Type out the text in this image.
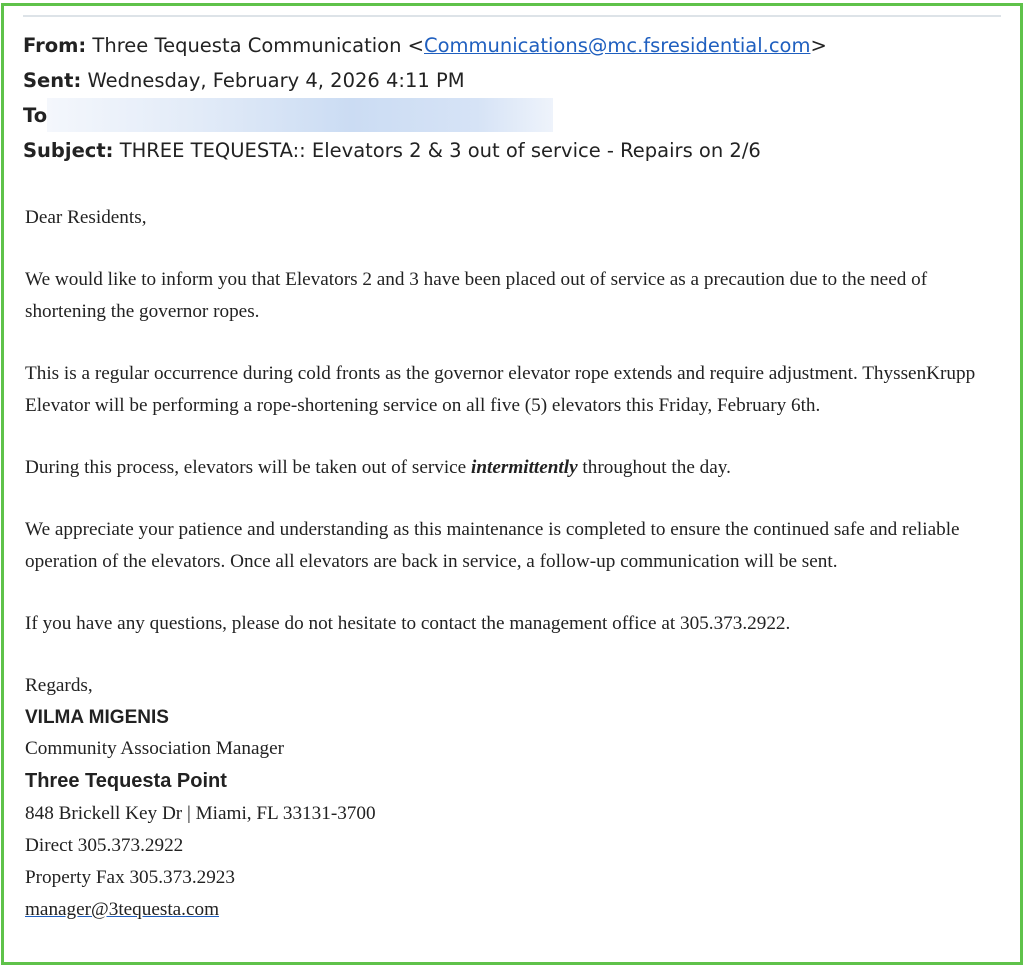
From: Three Tequesta Communication <Communications@mc.fsresidential.com>
Sent: Wednesday, February 4, 2026 4:11 PM
To
Subject: THREE TEQUESTA:: Elevators 2 & 3 out of service - Repairs on 2/6

Dear Residents,

We would like to inform you that Elevators 2 and 3 have been placed out of service as a precaution due to the need of shortening the governor ropes.

This is a regular occurrence during cold fronts as the governor elevator rope extends and require adjustment. ThyssenKrupp Elevator will be performing a rope-shortening service on all five (5) elevators this Friday, February 6th.

During this process, elevators will be taken out of service intermittently throughout the day.

We appreciate your patience and understanding as this maintenance is completed to ensure the continued safe and reliable operation of the elevators. Once all elevators are back in service, a follow-up communication will be sent.

If you have any questions, please do not hesitate to contact the management office at 305.373.2922.

Regards,

VILMA MIGENIS
Community Association Manager
Three Tequesta Point
848 Brickell Key Dr | Miami, FL 33131-3700
Direct 305.373.2922
Property Fax 305.373.2923
manager@3tequesta.com
